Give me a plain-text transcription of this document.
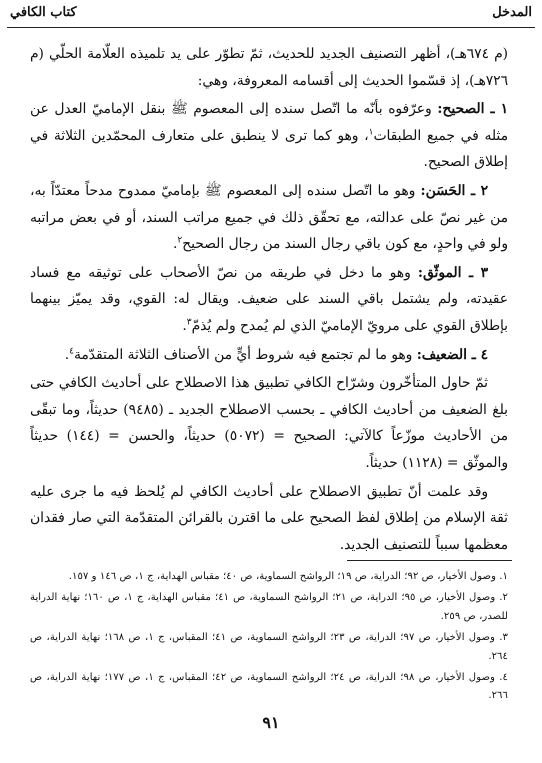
المدخل
كتاب الكافي

(م ٦٧٤هـ)، أظهر التصنيف الجديد للحديث، ثمّ تطوّر على يد تلميذه العلّامة الحلّي (م ٧٢٦هـ)، إذ قسّموا الحديث إلى أقسامه المعروفة، وهي:

١ ـ الصحيح: وعرّفوه بأنّه ما اتّصل سنده إلى المعصوم ﷺ بنقل الإماميّ العدل عن مثله في جميع الطبقات$^١$، وهو كما ترى لا ينطبق على متعارف المحمّدين الثلاثة في إطلاق الصحيح.

٢ ـ الحَسَن: وهو ما اتّصل سنده إلى المعصوم ﷺ بإماميّ ممدوح مدحاً معتدّاً به، من غير نصّ على عدالته، مع تحقّق ذلك في جميع مراتب السند، أو في بعض مراتبه ولو في واحدٍ، مع كون باقي رجال السند من رجال الصحيح$^٢$.

٣ ـ الموثّق: وهو ما دخل في طريقه من نصّ الأصحاب على توثيقه مع فساد عقيدته، ولم يشتمل باقي السند على ضعيف. ويقال له: القوي، وقد يميّز بينهما بإطلاق القوي على مرويّ الإماميّ الذي لم يُمدح ولم يُذمّ$^٣$.

٤ ـ الضعيف: وهو ما لم تجتمع فيه شروط أيٍّ من الأصناف الثلاثة المتقدّمة$^٤$.

ثمّ حاول المتأخّرون وشرّاح الكافي تطبيق هذا الاصطلاح على أحاديث الكافي حتى بلغ الضعيف من أحاديث الكافي ـ بحسب الاصطلاح الجديد ـ (٩٤٨٥) حديثاً، وما تبقّى من الأحاديث موزّعاً كالآتي: الصحيح = (٥٠٧٢) حديثاً، والحسن = (١٤٤) حديثاً والموثّق = (١١٢٨) حديثاً.

وقد علمت أنّ تطبيق الاصطلاح على أحاديث الكافي لم يُلحظ فيه ما جرى عليه ثقة الإسلام من إطلاق لفظ الصحيح على ما اقترن بالقرائن المتقدّمة التي صار فقدان معظمها سبباً للتصنيف الجديد.

١. وصول الأخيار، ص ٩٢؛ الدراية، ص ١٩؛ الرواشح السماوية، ص ٤٠؛ مقباس الهداية، ج ١، ص ١٤٦ و ١٥٧.

٢. وصول الأخيار، ص ٩٥؛ الدراية، ص ٢١؛ الرواشح السماوية، ص ٤١؛ مقباس الهداية، ج ١، ص ١٦٠؛ نهاية الدراية للصدر، ص ٢٥٩.

٣. وصول الأخيار، ص ٩٧؛ الدراية، ص ٢٣؛ الرواشح السماوية، ص ٤١؛ المقباس، ج ١، ص ١٦٨؛ نهاية الدراية، ص ٢٦٤.

٤. وصول الأخيار، ص ٩٨؛ الدراية، ص ٢٤؛ الرواشح السماوية، ص ٤٢؛ المقباس، ج ١، ص ١٧٧؛ نهاية الدراية، ص ٢٦٦.

٩١
